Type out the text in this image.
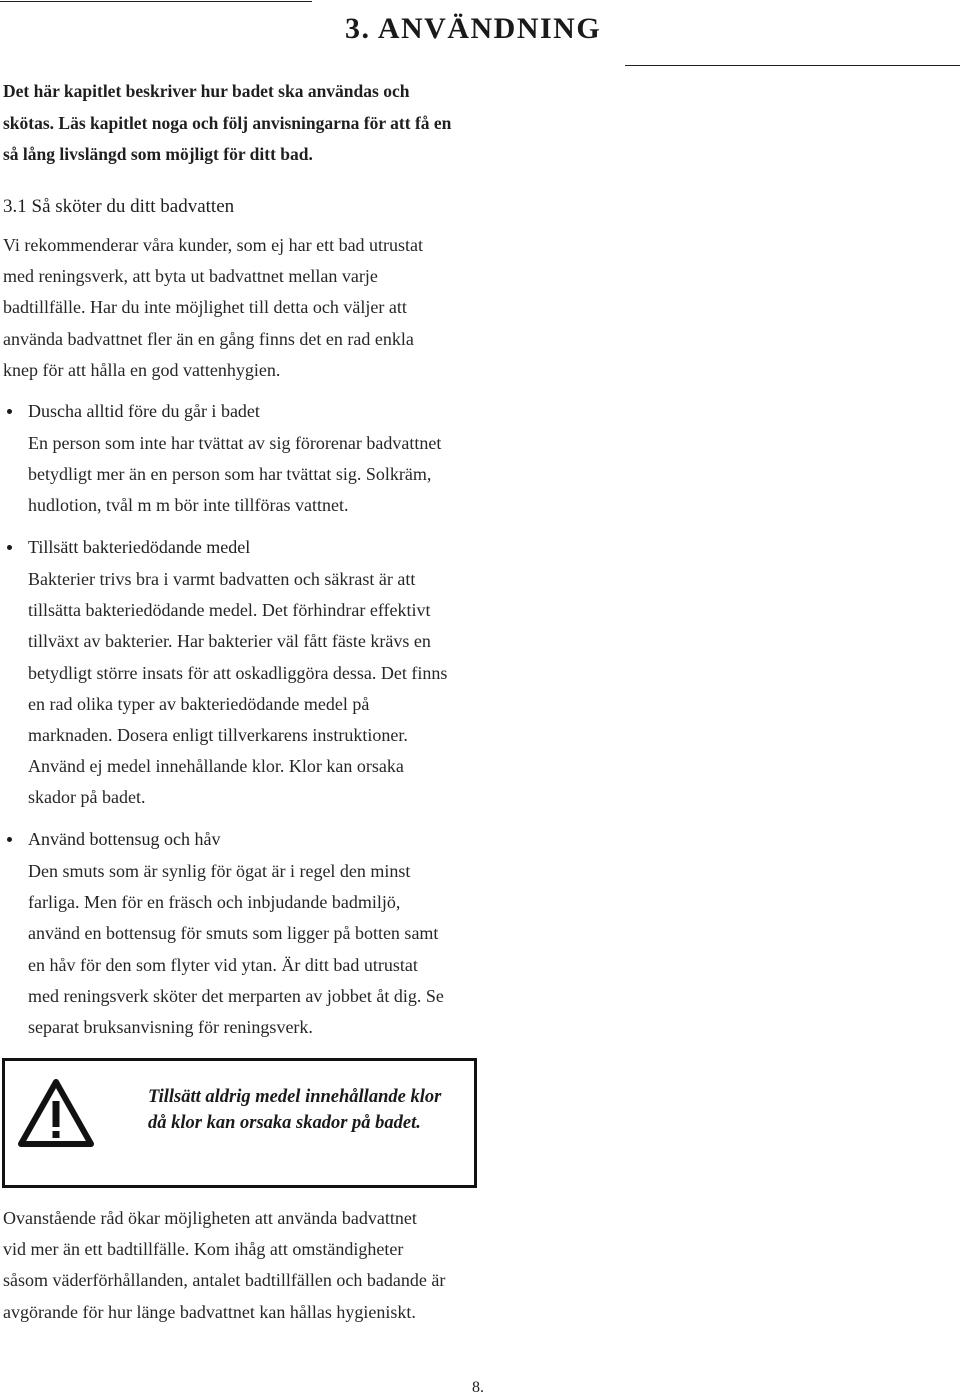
3. ANVÄNDNING
Det här kapitlet beskriver hur badet ska användas och
skötas. Läs kapitlet noga och följ anvisningarna för att få en
så lång livslängd som möjligt för ditt bad.
3.1 Så sköter du ditt badvatten
Vi rekommenderar våra kunder, som ej har ett bad utrustat
med reningsverk, att byta ut badvattnet mellan varje
badtillfälle. Har du inte möjlighet till detta och väljer att
använda badvattnet fler än en gång finns det en rad enkla
knep för att hålla en god vattenhygien.
Duscha alltid före du går i badet
En person som inte har tvättat av sig förorenar badvattnet
betydligt mer än en person som har tvättat sig. Solkräm,
hudlotion, tvål m m bör inte tillföras vattnet.
Tillsätt bakteriedödande medel
Bakterier trivs bra i varmt badvatten och säkrast är att
tillsätta bakteriedödande medel. Det förhindrar effektivt
tillväxt av bakterier. Har bakterier väl fått fäste krävs en
betydligt större insats för att oskadliggöra dessa. Det finns
en rad olika typer av bakteriedödande medel på
marknaden. Dosera enligt tillverkarens instruktioner.
Använd ej medel innehållande klor. Klor kan orsaka
skador på badet.
Använd bottensug och håv
Den smuts som är synlig för ögat är i regel den minst
farliga. Men för en fräsch och inbjudande badmiljö,
använd en bottensug för smuts som ligger på botten samt
en håv för den som flyter vid ytan. Är ditt bad utrustat
med reningsverk sköter det merparten av jobbet åt dig. Se
separat bruksanvisning för reningsverk.
Tillsätt aldrig medel innehållande klor
då klor kan orsaka skador på badet.
Ovanstående råd ökar möjligheten att använda badvattnet
vid mer än ett badtillfälle. Kom ihåg att omständigheter
såsom väderförhållanden, antalet badtillfällen och badande är
avgörande för hur länge badvattnet kan hållas hygieniskt.
8.
